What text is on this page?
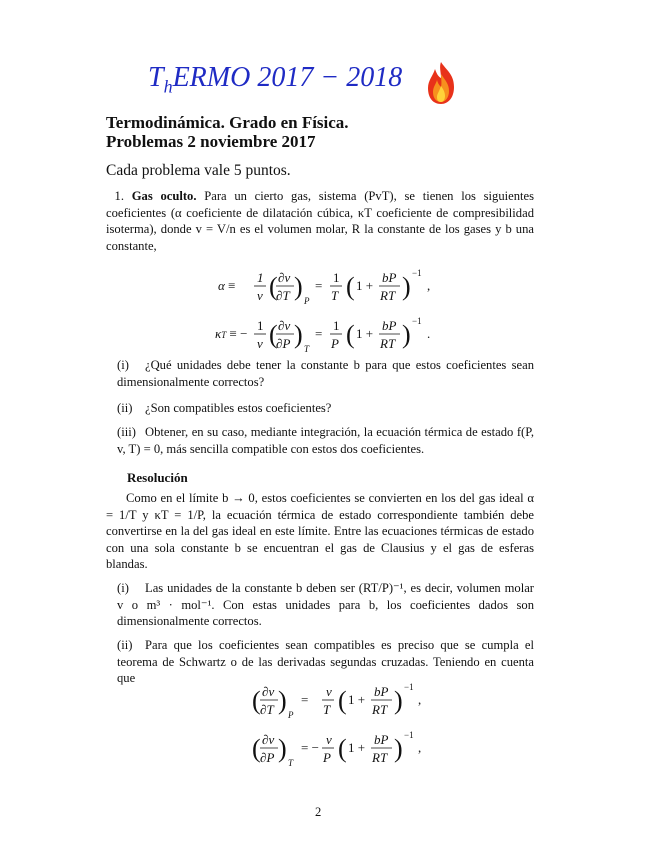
$T_hERMO$ 2017 − 2018
Termodinámica. Grado en Física.
Problemas 2 noviembre 2017
Cada problema vale 5 puntos.
1. Gas oculto. Para un cierto gas, sistema (PvT), se tienen los siguientes coeficientes (α coeficiente de dilatación cúbica, κT coeficiente de compresibilidad isoterma), donde v = V/n es el volumen molar, R la constante de los gases y b una constante,
α ≡
1
v ( ∂v
∂T ) P
=
1
T ( 1 +
bP
RT ) −1
,
κT ≡ −
1
v ( ∂v
∂P ) T
=
1
P ( 1 +
bP
RT ) −1
.
(i) ¿Qué unidades debe tener la constante b para que estos coeficientes sean dimensionalmente correctos?
(ii) ¿Son compatibles estos coeficientes?
(iii) Obtener, en su caso, mediante integración, la ecuación térmica de estado f(P, v, T) = 0, más sencilla compatible con estos dos coeficientes.
Resolución
Como en el límite b → 0, estos coeficientes se convierten en los del gas ideal α = 1/T y κT = 1/P, la ecuación térmica de estado correspondiente también debe convertirse en la del gas ideal en este límite. Entre las ecuaciones térmicas de estado con una sola constante b se encuentran el gas de Clausius y el gas de esferas blandas.
(i) Las unidades de la constante b deben ser (RT/P)⁻¹, es decir, volumen molar v o m³ · mol⁻¹. Con estas unidades para b, los coeficientes dados son dimensionalmente correctos.
(ii) Para que los coeficientes sean compatibles es preciso que se cumpla el teorema de Schwartz o de las derivadas segundas cruzadas. Teniendo en cuenta que
( ∂v
∂T ) P
=
v
T ( 1 +
bP
RT ) −1
,
( ∂v
∂P ) T
= −
v
P ( 1 +
bP
RT ) −1
,
2
